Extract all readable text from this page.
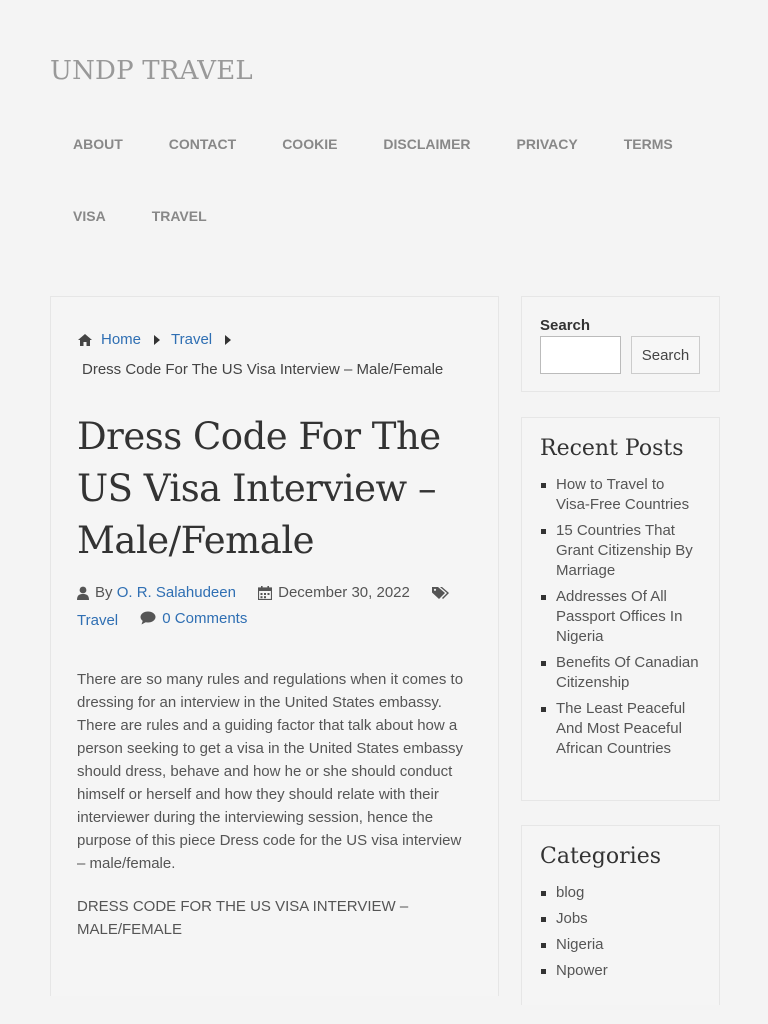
UNDP TRAVEL
ABOUT	CONTACT	COOKIE	DISCLAIMER	PRIVACY	TERMS
VISA	TRAVEL
Home Travel
Dress Code For The US Visa Interview – Male/Female
Dress Code For The US Visa Interview – Male/Female
By
O. R. Salahudeen
	December 30, 2022

Travel
	0 Comments

There are so many rules and regulations when it comes to dressing for an interview in the United States embassy. There are rules and a guiding factor that talk about how a person seeking to get a visa in the United States embassy should dress, behave and how he or she should conduct himself or herself and how they should relate with their interviewer during the interviewing session, hence the purpose of this piece Dress code for the US visa interview – male/female.

DRESS CODE FOR THE US VISA INTERVIEW – MALE/FEMALE

Search
Search
Recent Posts
How to Travel to Visa-Free Countries
15 Countries That Grant Citizenship By Marriage
Addresses Of All Passport Offices In Nigeria
Benefits Of Canadian Citizenship
The Least Peaceful And Most Peaceful African Countries
Categories
blog
Jobs
Nigeria
Npower
